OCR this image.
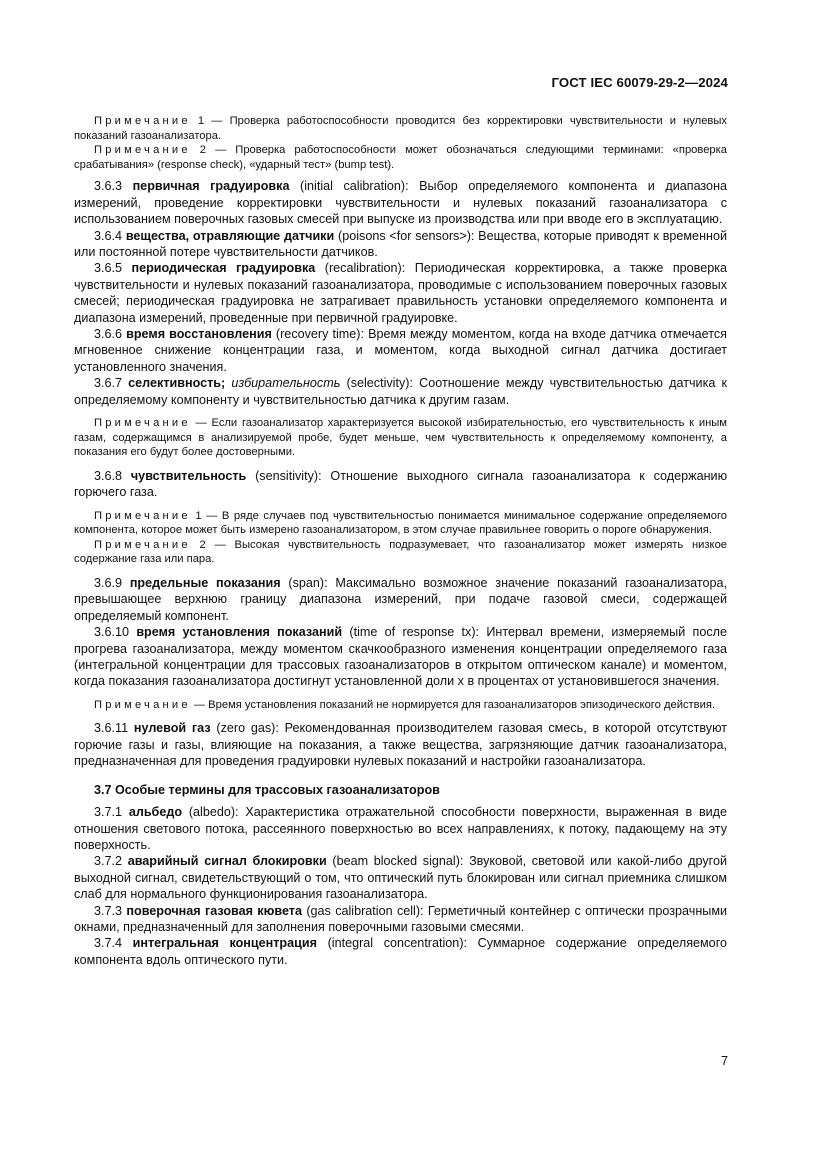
ГОСТ IEC 60079-29-2—2024

Примечание 1 — Проверка работоспособности проводится без корректировки чувствительности и нулевых показаний газоанализатора.

Примечание 2 — Проверка работоспособности может обозначаться следующими терминами: «проверка срабатывания» (response check), «ударный тест» (bump test).

3.6.3 первичная градуировка (initial calibration): Выбор определяемого компонента и диапазона измерений, проведение корректировки чувствительности и нулевых показаний газоанализатора с использованием поверочных газовых смесей при выпуске из производства или при вводе его в эксплуатацию.

3.6.4 вещества, отравляющие датчики (poisons <for sensors>): Вещества, которые приводят к временной или постоянной потере чувствительности датчиков.

3.6.5 периодическая градуировка (recalibration): Периодическая корректировка, а также проверка чувствительности и нулевых показаний газоанализатора, проводимые с использованием поверочных газовых смесей; периодическая градуировка не затрагивает правильность установки определяемого компонента и диапазона измерений, проведенные при первичной градуировке.

3.6.6 время восстановления (recovery time): Время между моментом, когда на входе датчика отмечается мгновенное снижение концентрации газа, и моментом, когда выходной сигнал датчика достигает установленного значения.

3.6.7 селективность; избирательность (selectivity): Соотношение между чувствительностью датчика к определяемому компоненту и чувствительностью датчика к другим газам.

Примечание — Если газоанализатор характеризуется высокой избирательностью, его чувствительность к иным газам, содержащимся в анализируемой пробе, будет меньше, чем чувствительность к определяемому компоненту, а показания его будут более достоверными.

3.6.8 чувствительность (sensitivity): Отношение выходного сигнала газоанализатора к содержанию горючего газа.

Примечание 1 — В ряде случаев под чувствительностью понимается минимальное содержание определяемого компонента, которое может быть измерено газоанализатором, в этом случае правильнее говорить о пороге обнаружения.

Примечание 2 — Высокая чувствительность подразумевает, что газоанализатор может измерять низкое содержание газа или пара.

3.6.9 предельные показания (span): Максимально возможное значение показаний газоанализатора, превышающее верхнюю границу диапазона измерений, при подаче газовой смеси, содержащей определяемый компонент.

3.6.10 время установления показаний (time of response tx): Интервал времени, измеряемый после прогрева газоанализатора, между моментом скачкообразного изменения концентрации определяемого газа (интегральной концентрации для трассовых газоанализаторов в открытом оптическом канале) и моментом, когда показания газоанализатора достигнут установленной доли x в процентах от установившегося значения.

Примечание — Время установления показаний не нормируется для газоанализаторов эпизодического действия.

3.6.11 нулевой газ (zero gas): Рекомендованная производителем газовая смесь, в которой отсутствуют горючие газы и газы, влияющие на показания, а также вещества, загрязняющие датчик газоанализатора, предназначенная для проведения градуировки нулевых показаний и настройки газоанализатора.

3.7 Особые термины для трассовых газоанализаторов

3.7.1 альбедо (albedo): Характеристика отражательной способности поверхности, выраженная в виде отношения светового потока, рассеянного поверхностью во всех направлениях, к потоку, падающему на эту поверхность.

3.7.2 аварийный сигнал блокировки (beam blocked signal): Звуковой, световой или какой-либо другой выходной сигнал, свидетельствующий о том, что оптический путь блокирован или сигнал приемника слишком слаб для нормального функционирования газоанализатора.

3.7.3 поверочная газовая кювета (gas calibration cell): Герметичный контейнер с оптически прозрачными окнами, предназначенный для заполнения поверочными газовыми смесями.

3.7.4 интегральная концентрация (integral concentration): Суммарное содержание определяемого компонента вдоль оптического пути.

7
